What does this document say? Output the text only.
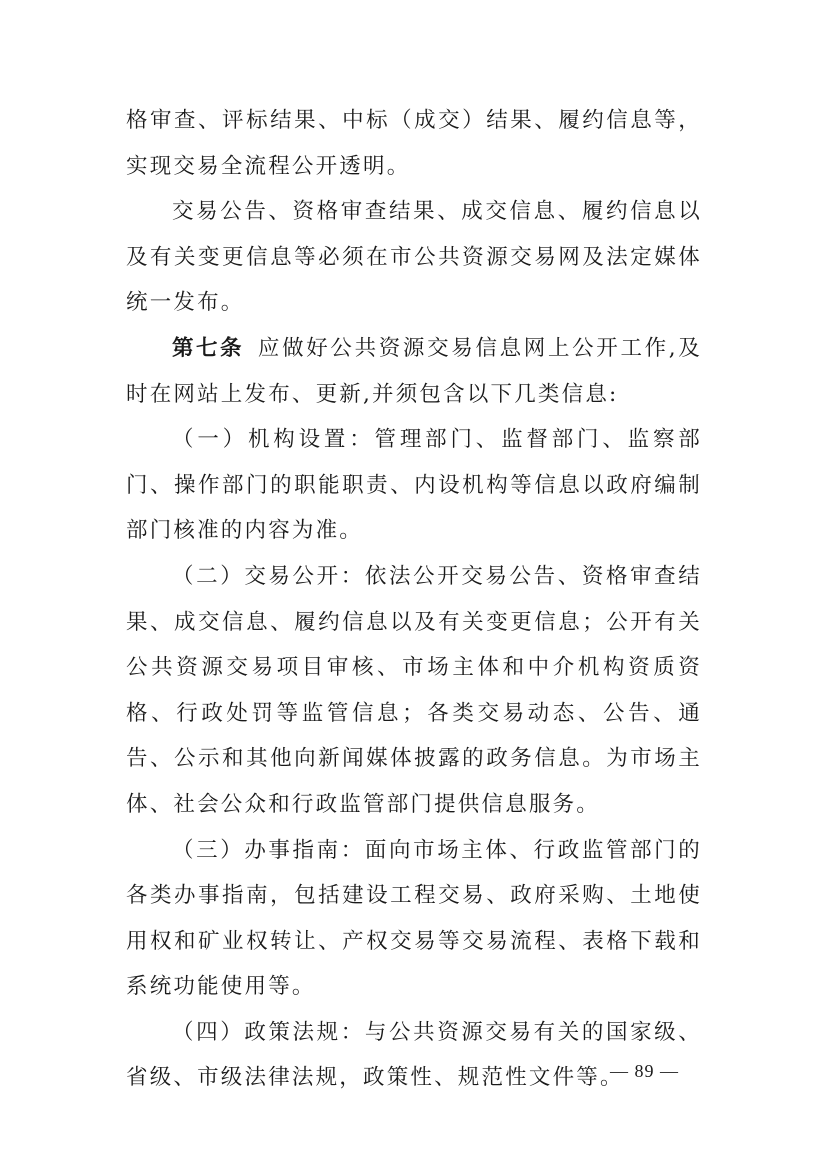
格审查、评标结果、中标（成交）结果、履约信息等，实现交易全流程公开透明。

交易公告、资格审查结果、成交信息、履约信息以及有关变更信息等必须在市公共资源交易网及法定媒体统一发布。

第七条 应做好公共资源交易信息网上公开工作,及时在网站上发布、更新,并须包含以下几类信息:

（一）机构设置：管理部门、监督部门、监察部门、操作部门的职能职责、内设机构等信息以政府编制部门核准的内容为准。

（二）交易公开：依法公开交易公告、资格审查结果、成交信息、履约信息以及有关变更信息；公开有关公共资源交易项目审核、市场主体和中介机构资质资格、行政处罚等监管信息；各类交易动态、公告、通告、公示和其他向新闻媒体披露的政务信息。为市场主体、社会公众和行政监管部门提供信息服务。

（三）办事指南：面向市场主体、行政监管部门的各类办事指南，包括建设工程交易、政府采购、土地使用权和矿业权转让、产权交易等交易流程、表格下载和系统功能使用等。

（四）政策法规：与公共资源交易有关的国家级、省级、市级法律法规，政策性、规范性文件等。

— 89 —
